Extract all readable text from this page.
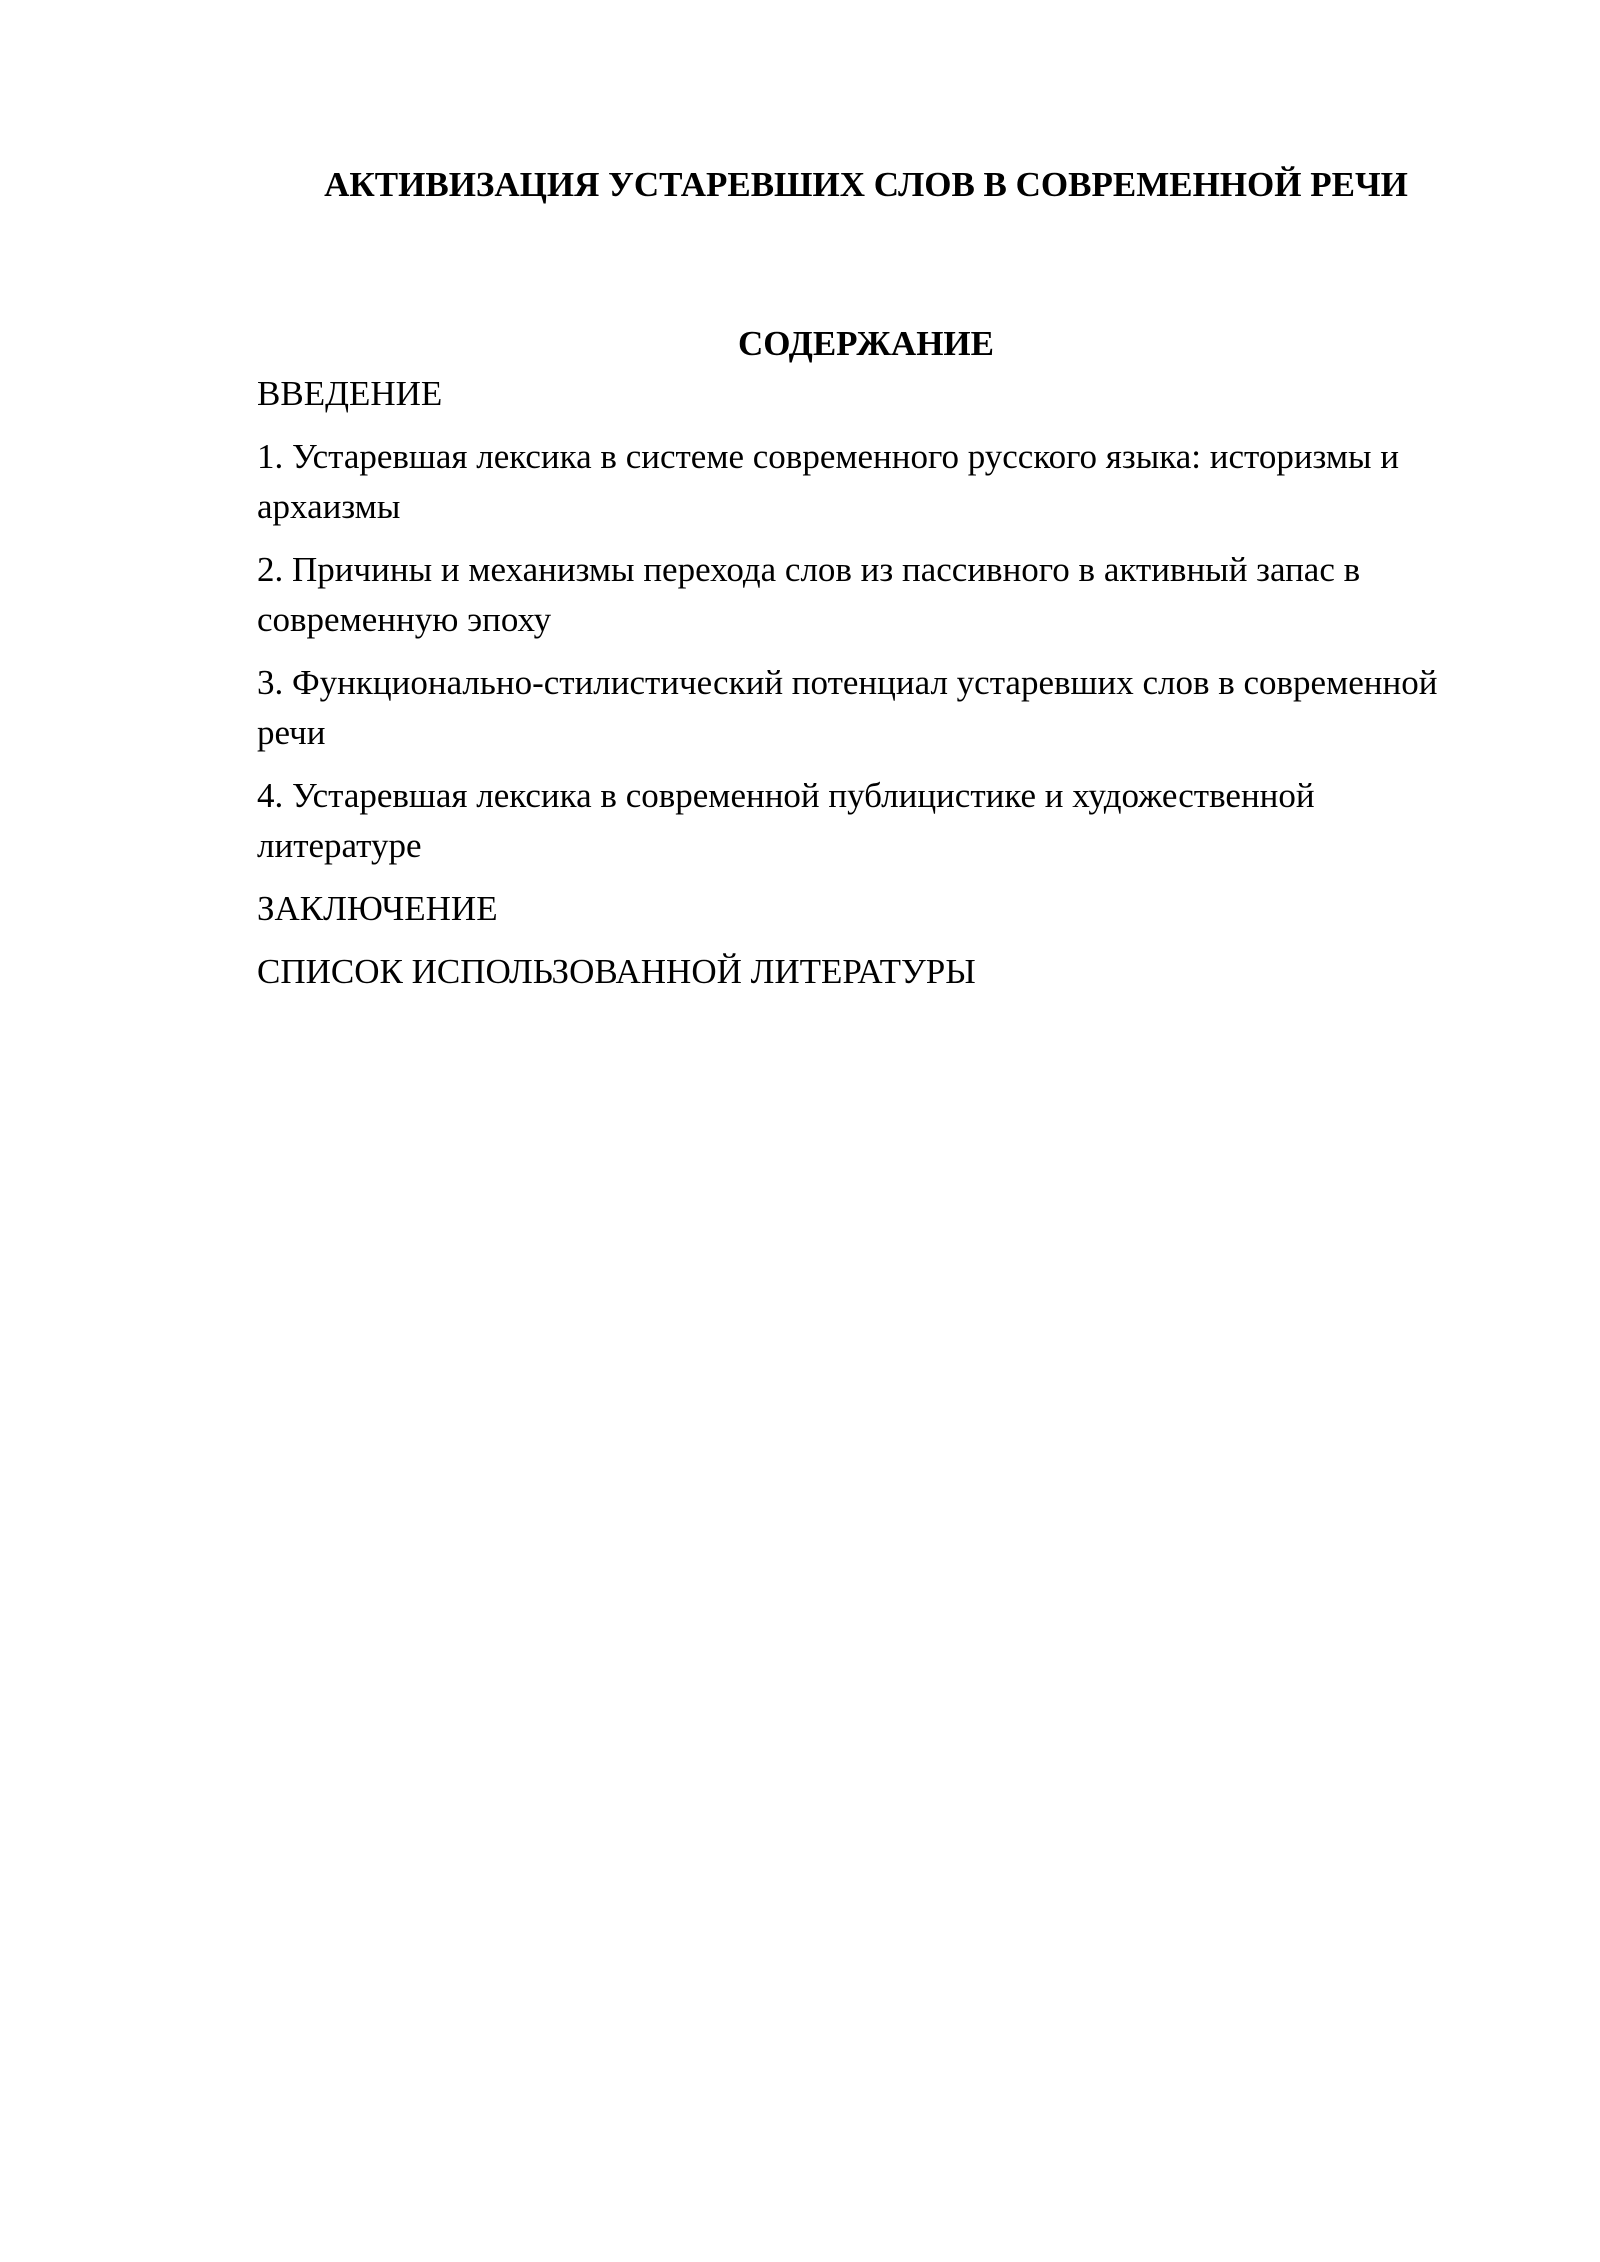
АКТИВИЗАЦИЯ УСТАРЕВШИХ СЛОВ В СОВРЕМЕННОЙ РЕЧИ
СОДЕРЖАНИЕ
ВВЕДЕНИЕ
1. Устаревшая лексика в системе современного русского языка: историзмы и архаизмы
2. Причины и механизмы перехода слов из пассивного в активный запас в современную эпоху
3. Функционально-стилистический потенциал устаревших слов в современной речи
4. Устаревшая лексика в современной публицистике и художественной литературе
ЗАКЛЮЧЕНИЕ
СПИСОК ИСПОЛЬЗОВАННОЙ ЛИТЕРАТУРЫ
